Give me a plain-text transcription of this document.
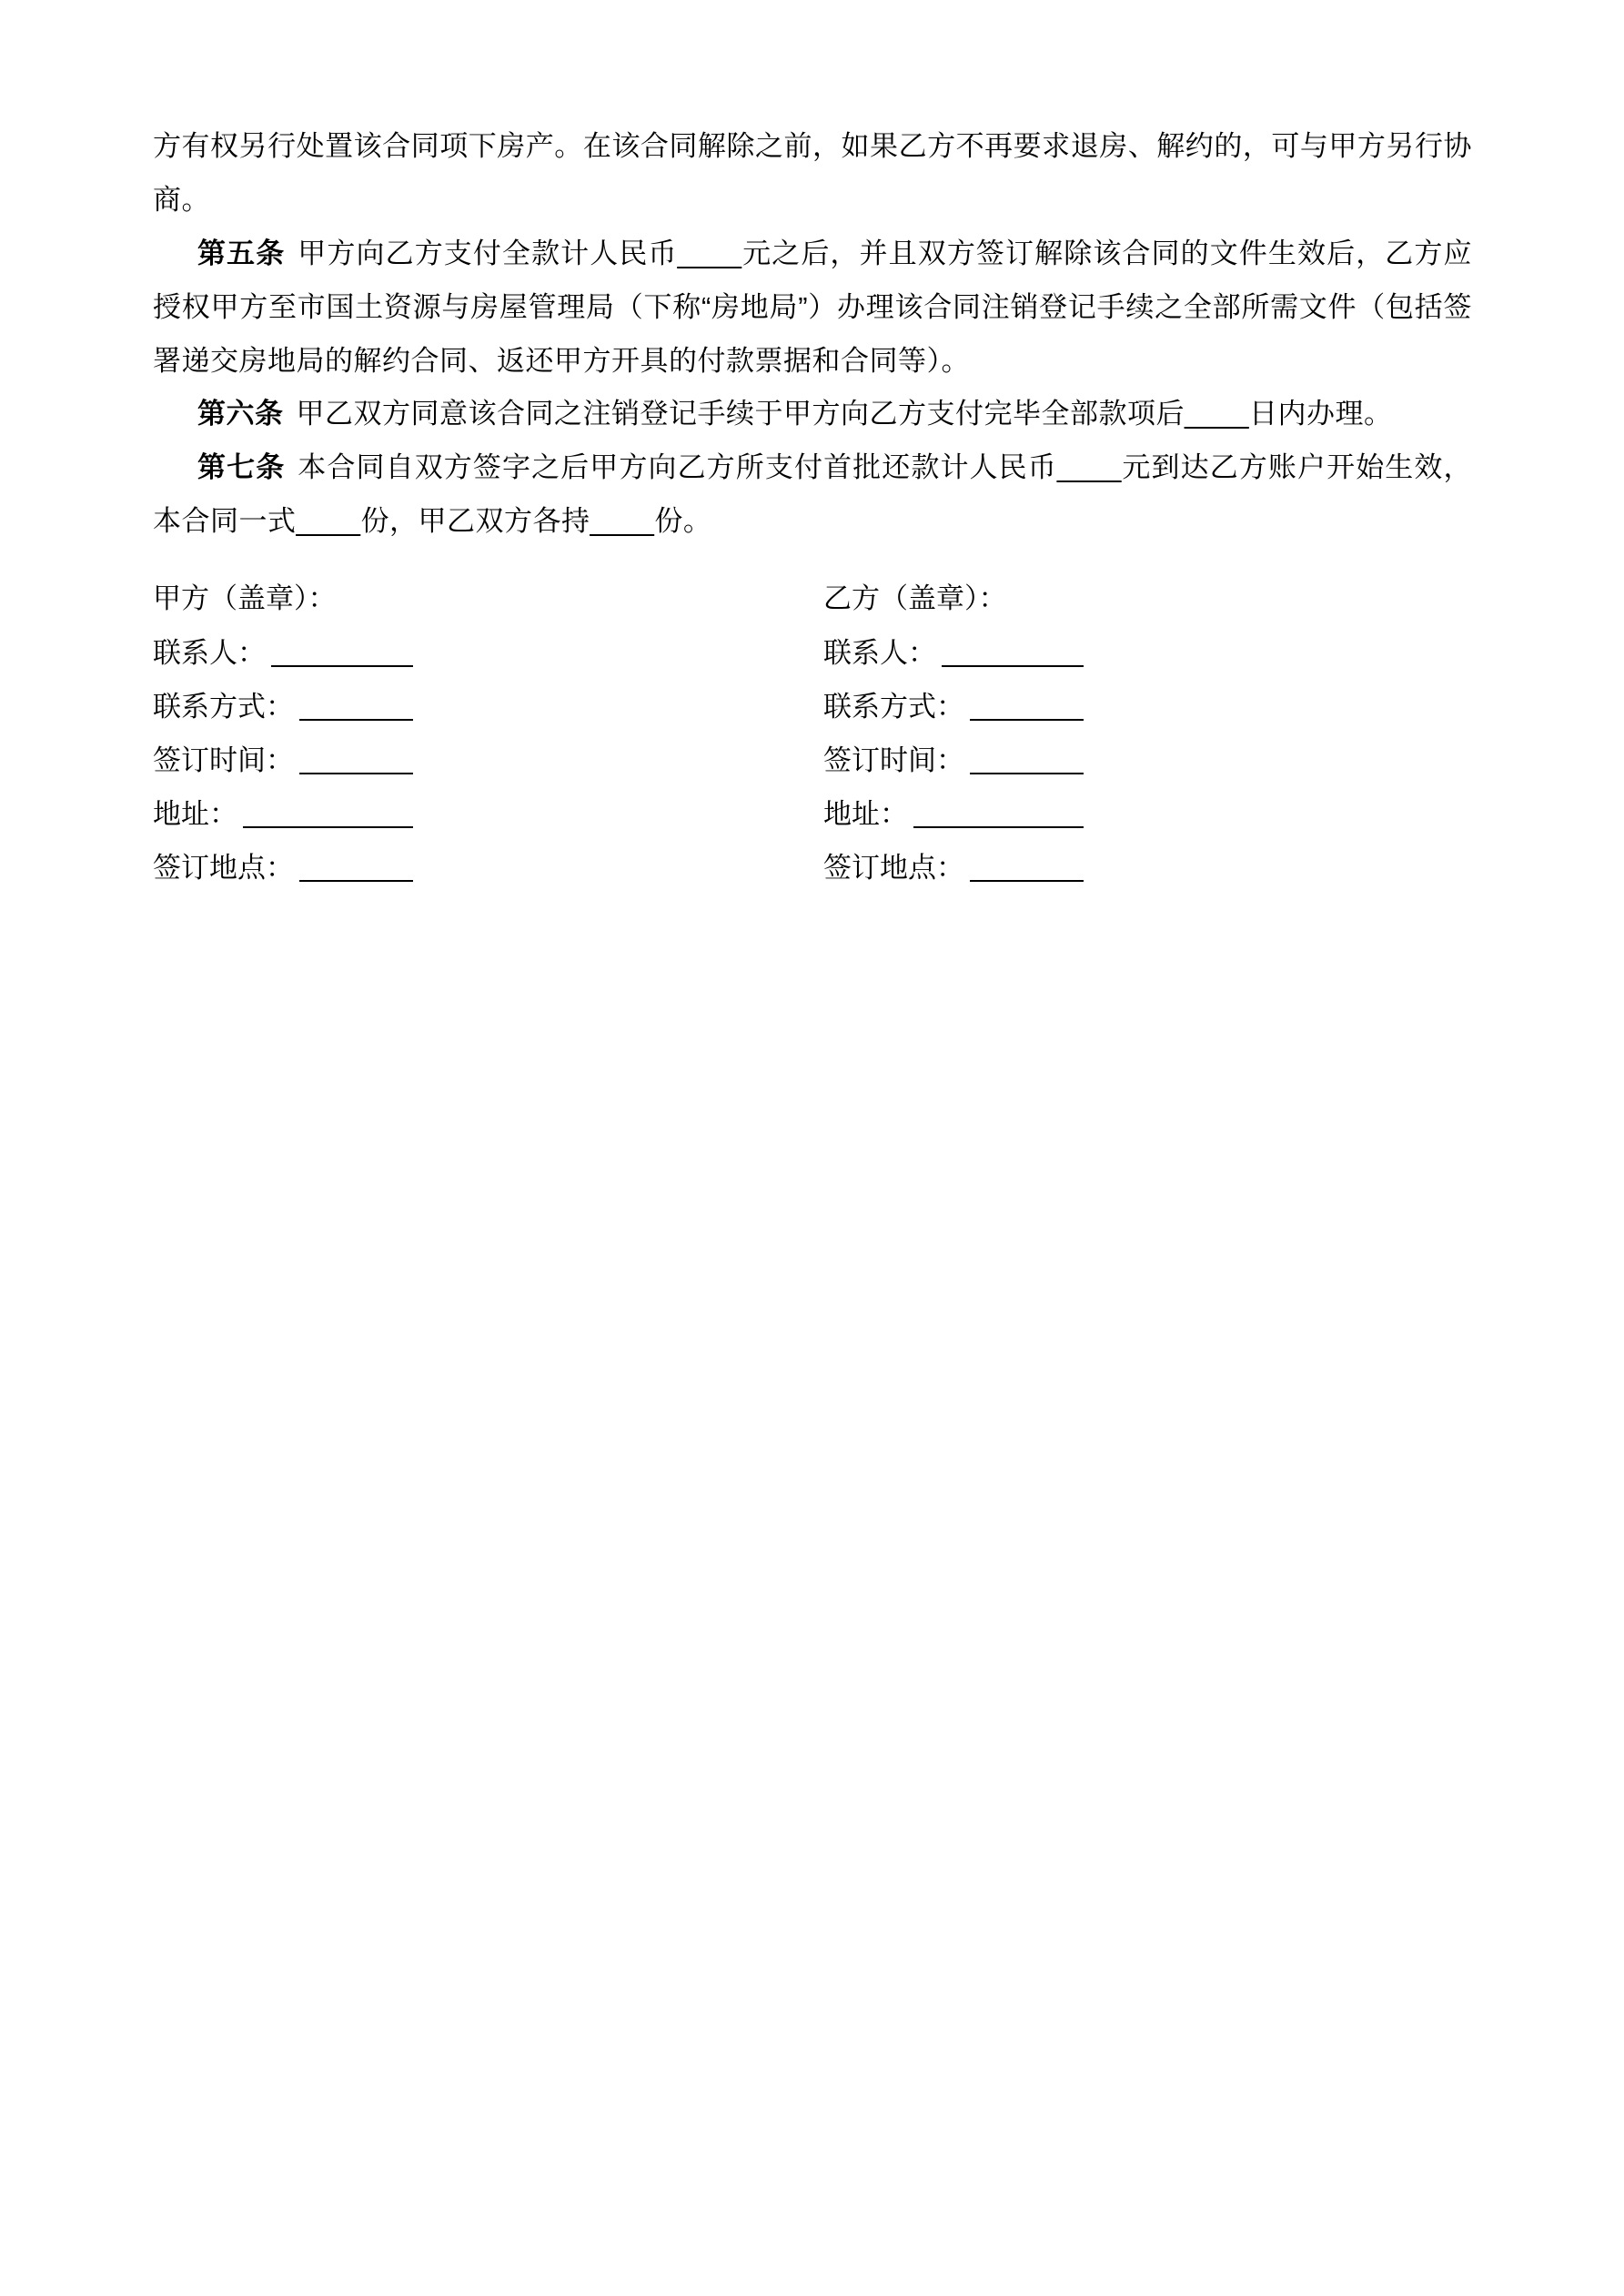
方有权另行处置该合同项下房产。在该合同解除之前，如果乙方不再要求退房、解约的，可与甲方另行协商。

第五条 甲方向乙方支付全款计人民币____元之后，并且双方签订解除该合同的文件生效后，乙方应授权甲方至市国土资源与房屋管理局（下称“房地局”）办理该合同注销登记手续之全部所需文件（包括签署递交房地局的解约合同、返还甲方开具的付款票据和合同等）。

第六条 甲乙双方同意该合同之注销登记手续于甲方向乙方支付完毕全部款项后____日内办理。

第七条 本合同自双方签字之后甲方向乙方所支付首批还款计人民币____元到达乙方账户开始生效，本合同一式____份，甲乙双方各持____份。

甲方（盖章）：
联系人：
联系方式：
签订时间：
地址：
签订地点：
乙方（盖章）：
联系人：
联系方式：
签订时间：
地址：
签订地点：
